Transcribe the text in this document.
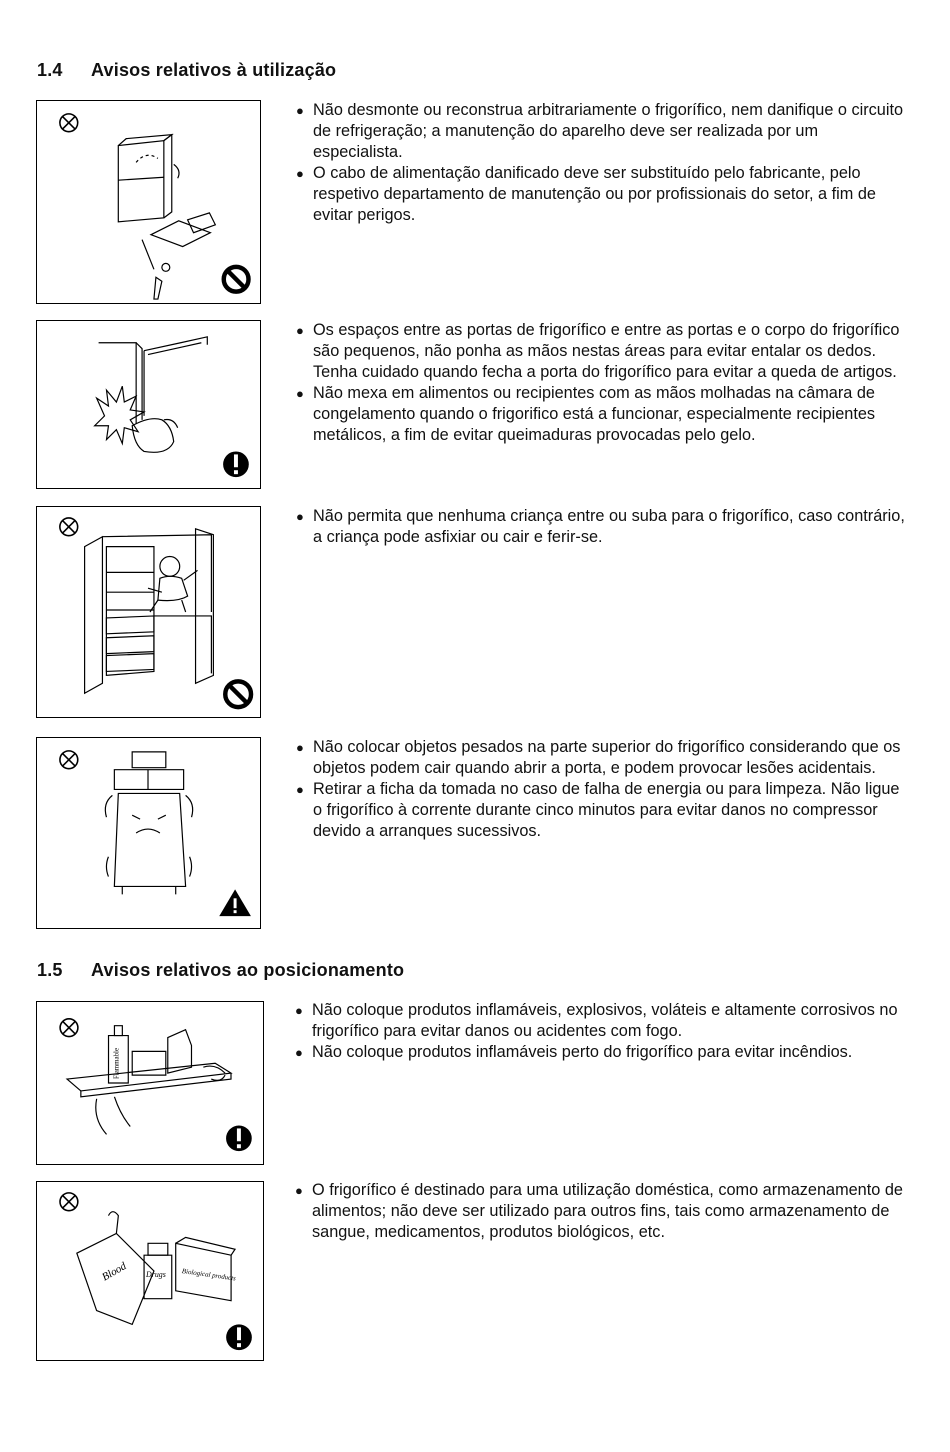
1.4 Avisos relativos à utilização
● Não desmonte ou reconstrua arbitrariamente o frigorífico, nem danifique o circuito de refrigeração; a manutenção do aparelho deve ser realizada por um especialista.
● O cabo de alimentação danificado deve ser substituído pelo fabricante, pelo respetivo departamento de manutenção ou por profissionais do setor, a fim de evitar perigos.
● Os espaços entre as portas de frigorífico e entre as portas e o corpo do frigorífico são pequenos, não ponha as mãos nestas áreas para evitar entalar os dedos. Tenha cuidado quando fecha a porta do frigorífico para evitar a queda de artigos.
● Não mexa em alimentos ou recipientes com as mãos molhadas na câmara de congelamento quando o frigorifico está a funcionar, especialmente recipientes metálicos, a fim de evitar queimaduras provocadas pelo gelo.
● Não permita que nenhuma criança entre ou suba para o frigorífico, caso contrário, a criança pode asfixiar ou cair e ferir-se.
● Não colocar objetos pesados na parte superior do frigorífico considerando que os objetos podem cair quando abrir a porta, e podem provocar lesões acidentais.
● Retirar a ficha da tomada no caso de falha de energia ou para limpeza. Não ligue o frigorífico à corrente durante cinco minutos para evitar danos no compressor devido a arranques sucessivos.
1.5 Avisos relativos ao posicionamento
Flammable
● Não coloque produtos inflamáveis, explosivos, voláteis e altamente corrosivos no frigorífico para evitar danos ou acidentes com fogo.
● Não coloque produtos inflamáveis perto do frigorífico para evitar incêndios.
Blood Drugs Biological products
● O frigorífico é destinado para uma utilização doméstica, como armazenamento de alimentos; não deve ser utilizado para outros fins, tais como armazenamento de sangue, medicamentos, produtos biológicos, etc.
